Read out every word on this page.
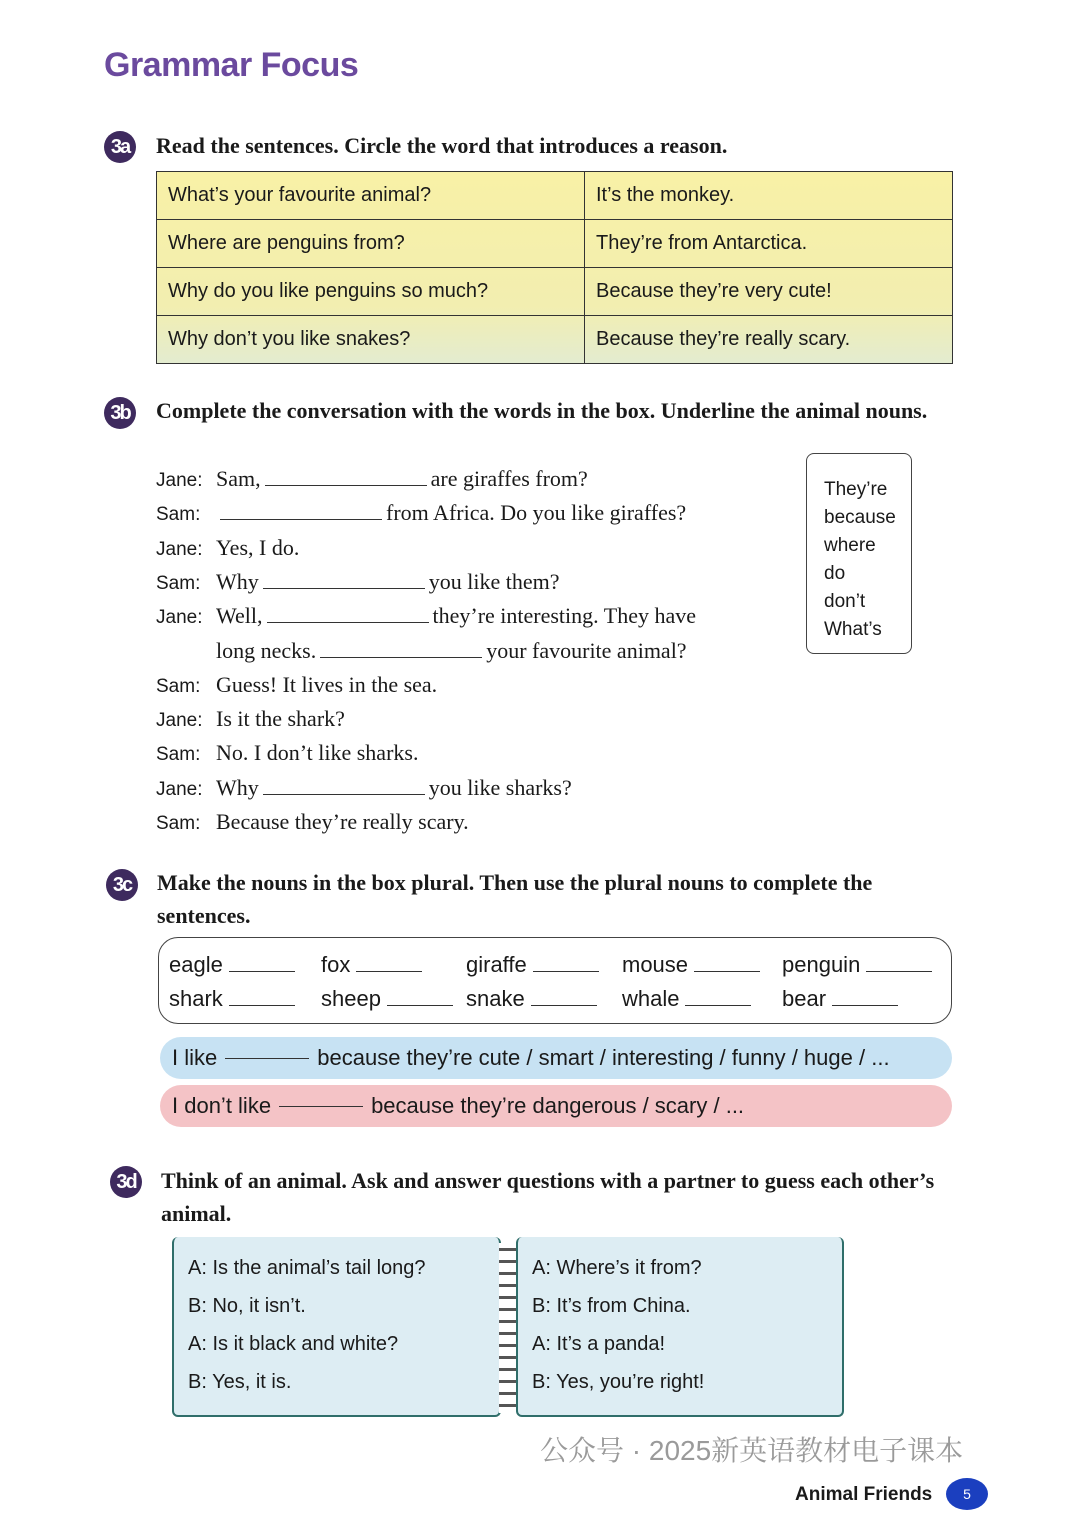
Grammar Focus
3a	Read the sentences. Circle the word that introduces a reason.
What’s your favourite animal?	It’s the monkey.
Where are penguins from?	They’re from Antarctica.
Why do you like penguins so much?	Because they’re very cute!
Why don’t you like snakes?	Because they’re really scary.
3b Complete the conversation with the words in the box. Underline the animal nouns.
Jane: Sam,	are giraffes from?
Sam:	from Africa. Do you like giraffes?
Jane: Yes, I do.
Sam: Why	you like them?
Jane: Well,	they’re interesting. They have
long necks.	your favourite animal?
Sam: Guess! It lives in the sea.
Jane: Is it the shark?
Sam: No. I don’t like sharks.
Jane: Why	you like sharks?
Sam: Because they’re really scary.
They’re
because
where
do
don’t
What’s
3c	Make the nouns in the box plural. Then use the plural nouns to complete the sentences.
eagle	fox	giraffe	mouse	penguin
shark	sheep	snake	whale	bear
I like	because they’re cute / smart / interesting / funny / huge / ...
I don’t like	because they’re dangerous / scary / ...
3d Think of an animal. Ask and answer questions with a partner to guess each other’s animal.
A: Is the animal’s tail long?
B: No, it isn’t.
A: Is it black and white?
B: Yes, it is.
A: Where’s it from?
B: It’s from China.
A: It’s a panda!
B: Yes, you’re right!
公众号 · 2025新英语教材电子课本
Animal Friends	5
